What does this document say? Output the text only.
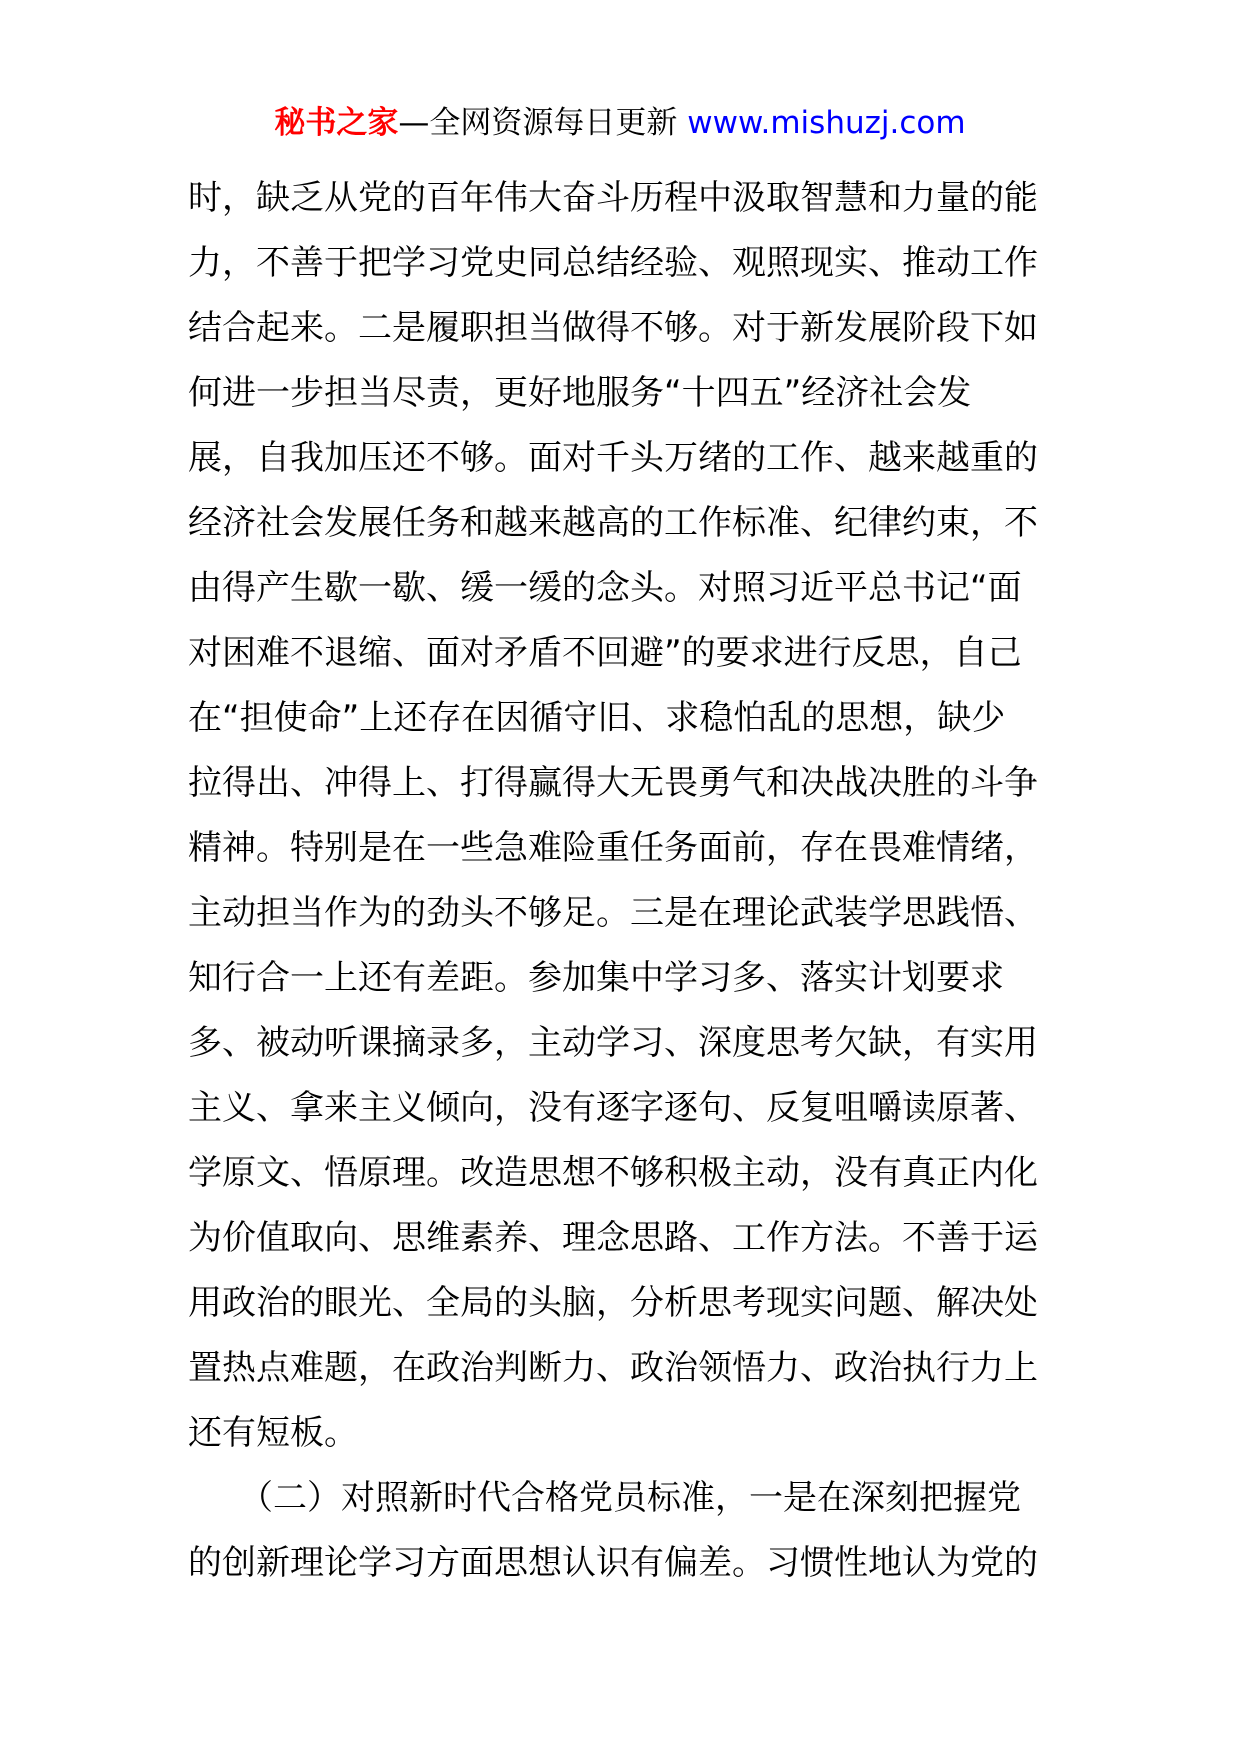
秘书之家—全网资源每日更新 www.mishuzj.com
时，缺乏从党的百年伟大奋斗历程中汲取智慧和力量的能
力，不善于把学习党史同总结经验、观照现实、推动工作
结合起来。二是履职担当做得不够。对于新发展阶段下如
何进一步担当尽责，更好地服务“十四五”经济社会发
展，自我加压还不够。面对千头万绪的工作、越来越重的
经济社会发展任务和越来越高的工作标准、纪律约束，不
由得产生歇一歇、缓一缓的念头。对照习近平总书记“面
对困难不退缩、面对矛盾不回避”的要求进行反思，自己
在“担使命”上还存在因循守旧、求稳怕乱的思想，缺少
拉得出、冲得上、打得赢得大无畏勇气和决战决胜的斗争
精神。特别是在一些急难险重任务面前，存在畏难情绪，
主动担当作为的劲头不够足。三是在理论武装学思践悟、
知行合一上还有差距。参加集中学习多、落实计划要求
多、被动听课摘录多，主动学习、深度思考欠缺，有实用
主义、拿来主义倾向，没有逐字逐句、反复咀嚼读原著、
学原文、悟原理。改造思想不够积极主动，没有真正内化
为价值取向、思维素养、理念思路、工作方法。不善于运
用政治的眼光、全局的头脑，分析思考现实问题、解决处
置热点难题，在政治判断力、政治领悟力、政治执行力上
还有短板。
　　（二）对照新时代合格党员标准，一是在深刻把握党
的创新理论学习方面思想认识有偏差。习惯性地认为党的
